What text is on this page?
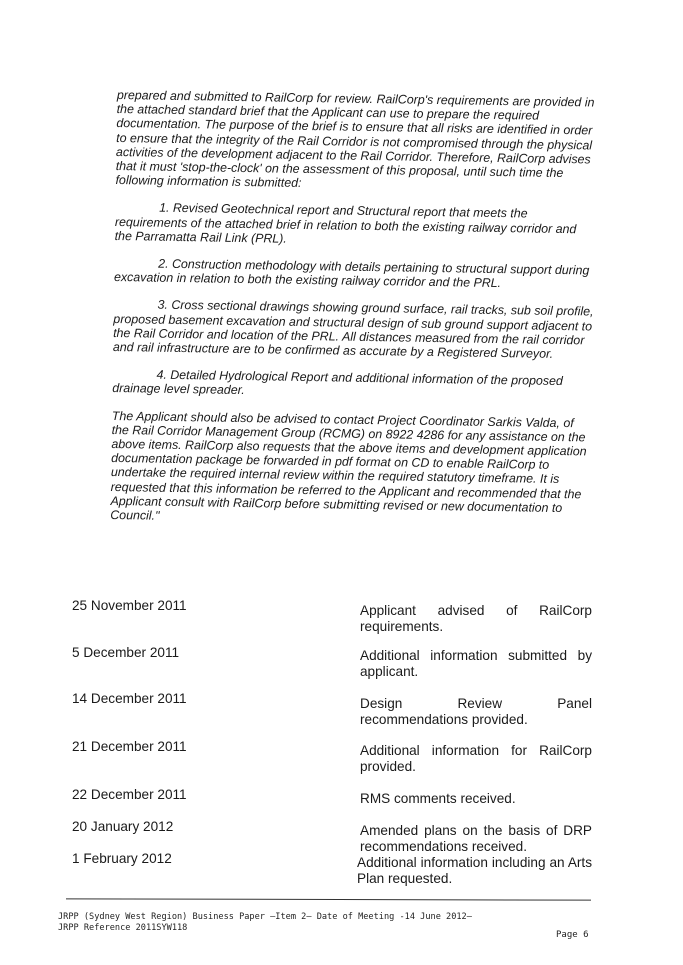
prepared and submitted to RailCorp for review. RailCorp's requirements are provided in the attached standard brief that the Applicant can use to prepare the required documentation. The purpose of the brief is to ensure that all risks are identified in order to ensure that the integrity of the Rail Corridor is not compromised through the physical activities of the development adjacent to the Rail Corridor. Therefore, RailCorp advises that it must 'stop-the-clock' on the assessment of this proposal, until such time the following information is submitted:

1. Revised Geotechnical report and Structural report that meets the requirements of the attached brief in relation to both the existing railway corridor and the Parramatta Rail Link (PRL).

2. Construction methodology with details pertaining to structural support during excavation in relation to both the existing railway corridor and the PRL.

3. Cross sectional drawings showing ground surface, rail tracks, sub soil profile, proposed basement excavation and structural design of sub ground support adjacent to the Rail Corridor and location of the PRL. All distances measured from the rail corridor and rail infrastructure are to be confirmed as accurate by a Registered Surveyor.

4. Detailed Hydrological Report and additional information of the proposed drainage level spreader.

The Applicant should also be advised to contact Project Coordinator Sarkis Valda, of the Rail Corridor Management Group (RCMG) on 8922 4286 for any assistance on the above items. RailCorp also requests that the above items and development application documentation package be forwarded in pdf format on CD to enable RailCorp to undertake the required internal review within the required statutory timeframe. It is requested that this information be referred to the Applicant and recommended that the Applicant consult with RailCorp before submitting revised or new documentation to Council."

25 November 2011	Applicant advised of RailCorp requirements.
5 December 2011	Additional information submitted by applicant.
14 December 2011	Design Review Panel recommendations provided.
21 December 2011	Additional information for RailCorp provided.
22 December 2011	RMS comments received.
20 January 2012	Amended plans on the basis of DRP recommendations received.
1 February 2012	Additional information including an Arts Plan requested.
JRPP (Sydney West Region) Business Paper –Item 2– Date of Meeting -14 June 2012–
JRPP Reference 2011SYW118
Page 6
